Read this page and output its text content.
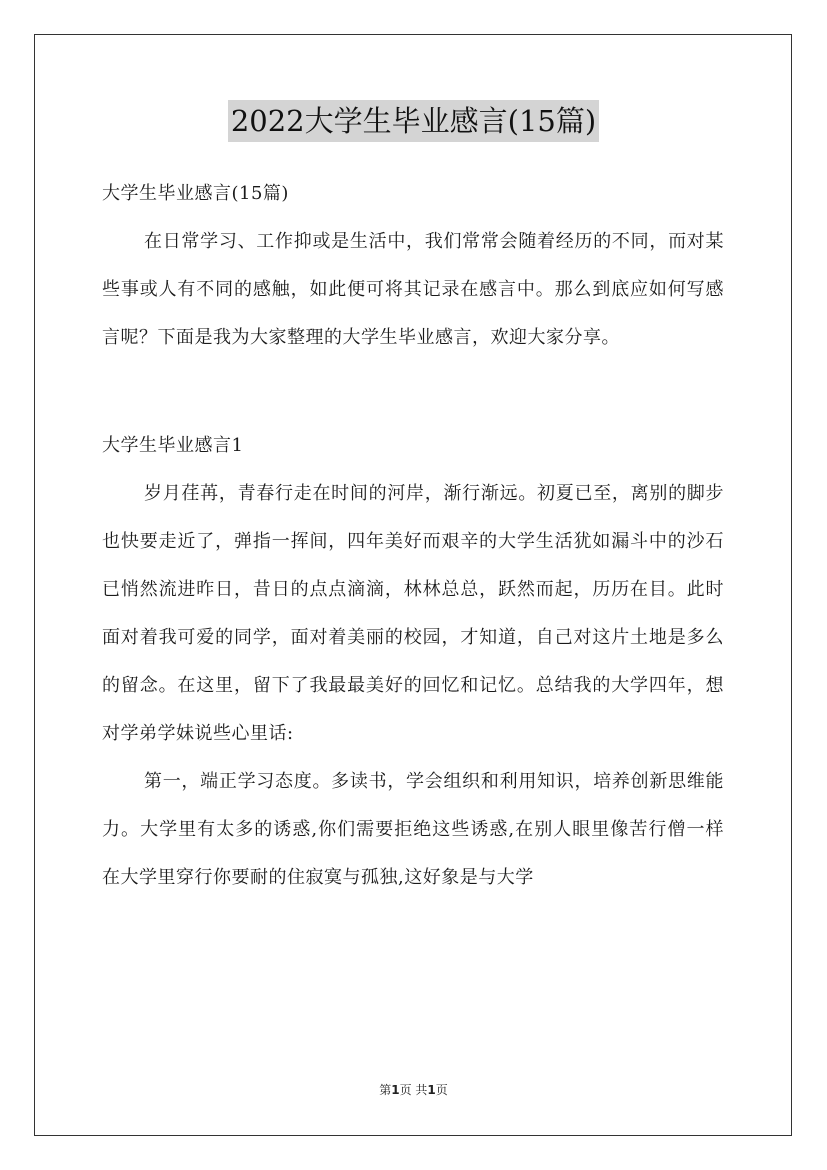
2022大学生毕业感言(15篇)

大学生毕业感言(15篇)

在日常学习、工作抑或是生活中，我们常常会随着经历的不同，而对某些事或人有不同的感触，如此便可将其记录在感言中。那么到底应如何写感言呢？下面是我为大家整理的大学生毕业感言，欢迎大家分享。

大学生毕业感言1

岁月荏苒，青春行走在时间的河岸，渐行渐远。初夏已至，离别的脚步也快要走近了，弹指一挥间，四年美好而艰辛的大学生活犹如漏斗中的沙石已悄然流进昨日，昔日的点点滴滴，林林总总，跃然而起，历历在目。此时面对着我可爱的同学，面对着美丽的校园，才知道，自己对这片土地是多么的留念。在这里，留下了我最最美好的回忆和记忆。总结我的大学四年，想对学弟学妹说些心里话:

第一，端正学习态度。多读书，学会组织和利用知识，培养创新思维能力。大学里有太多的诱惑,你们需要拒绝这些诱惑,在别人眼里像苦行僧一样在大学里穿行你要耐的住寂寞与孤独,这好象是与大学

第1页 共1页
